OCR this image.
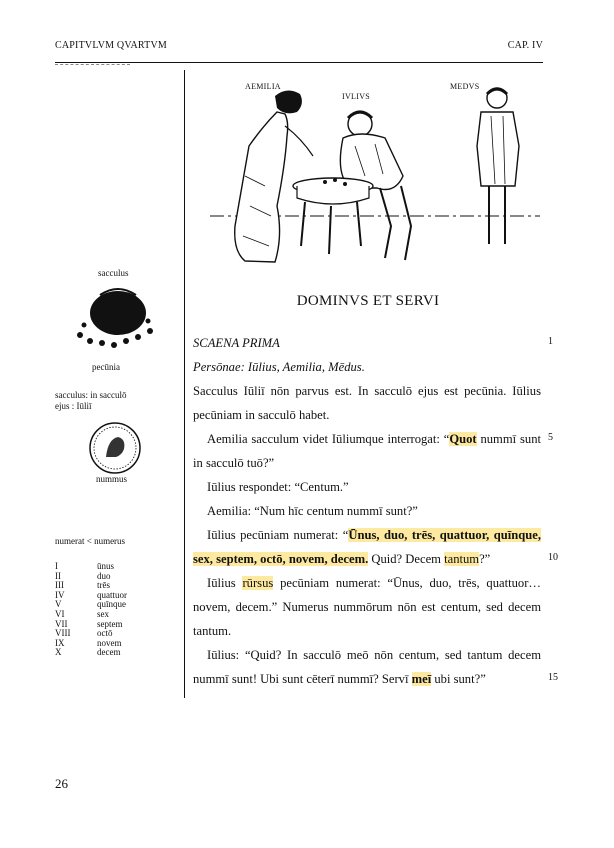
CAPITVLVM QVARTVM	CAP. IV
sacculus
pecūnia
sacculus: in sacculō
ejus : Iūliī
nummus
numerat < numerus
I	ūnus
II	duo
III	trēs
IV	quattuor
V	quīnque
VI	sex
VII	septem
VIII	octō
IX	novem
X	decem
26
AEMILIA
IVLIVS
MEDVS
DOMINVS ET SERVI

SCAENA PRIMA

Persōnae: Iūlius, Aemilia, Mēdus.

Sacculus Iūliī nōn parvus est. In sacculō ejus est pecūnia. Iūlius pecūniam in sacculō habet.

Aemilia sacculum videt Iūliumque interrogat: “Quot nummī sunt in sacculō tuō?”

Iūlius respondet: “Centum.”

Aemilia: “Num hīc centum nummī sunt?”

Iūlius pecūniam numerat: “Ūnus, duo, trēs, quattuor, quīnque, sex, septem, octō, novem, decem. Quid? Decem tantum?”

Iūlius rūrsus pecūniam numerat: “Ūnus, duo, trēs, quattuor… novem, decem.” Numerus nummōrum nōn est centum, sed decem tantum.

Iūlius: “Quid? In sacculō meō nōn centum, sed tantum decem nummī sunt! Ubi sunt cēterī nummī? Servī meī ubi sunt?”

1
5
10
15
